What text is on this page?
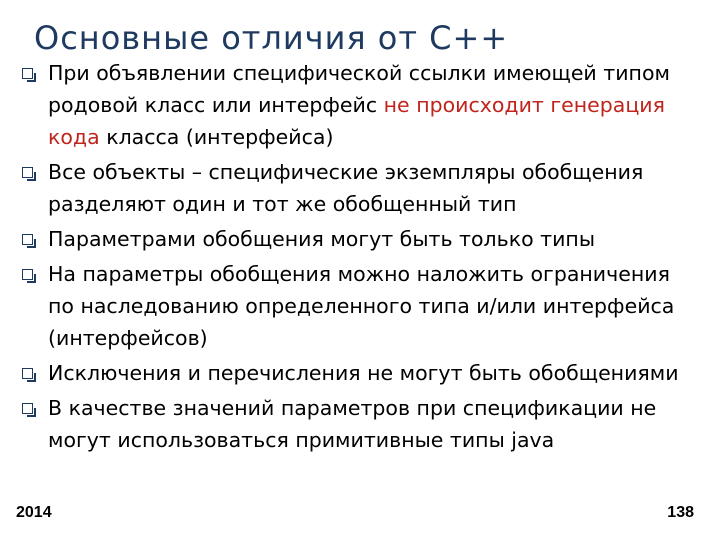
Основные отличия от С++
При объявлении специфической ссылки имеющей типом родовой класс или интерфейс не происходит генерация кода класса (интерфейса)
Все объекты – специфические экземпляры обобщения разделяют один и тот же обобщенный тип
Параметрами обобщения могут быть только типы
На параметры обобщения можно наложить ограничения по наследованию определенного типа и/или интерфейса (интерфейсов)
Исключения и перечисления не могут быть обобщениями
В качестве значений параметров при спецификации не могут использоваться примитивные типы java
2014	138
